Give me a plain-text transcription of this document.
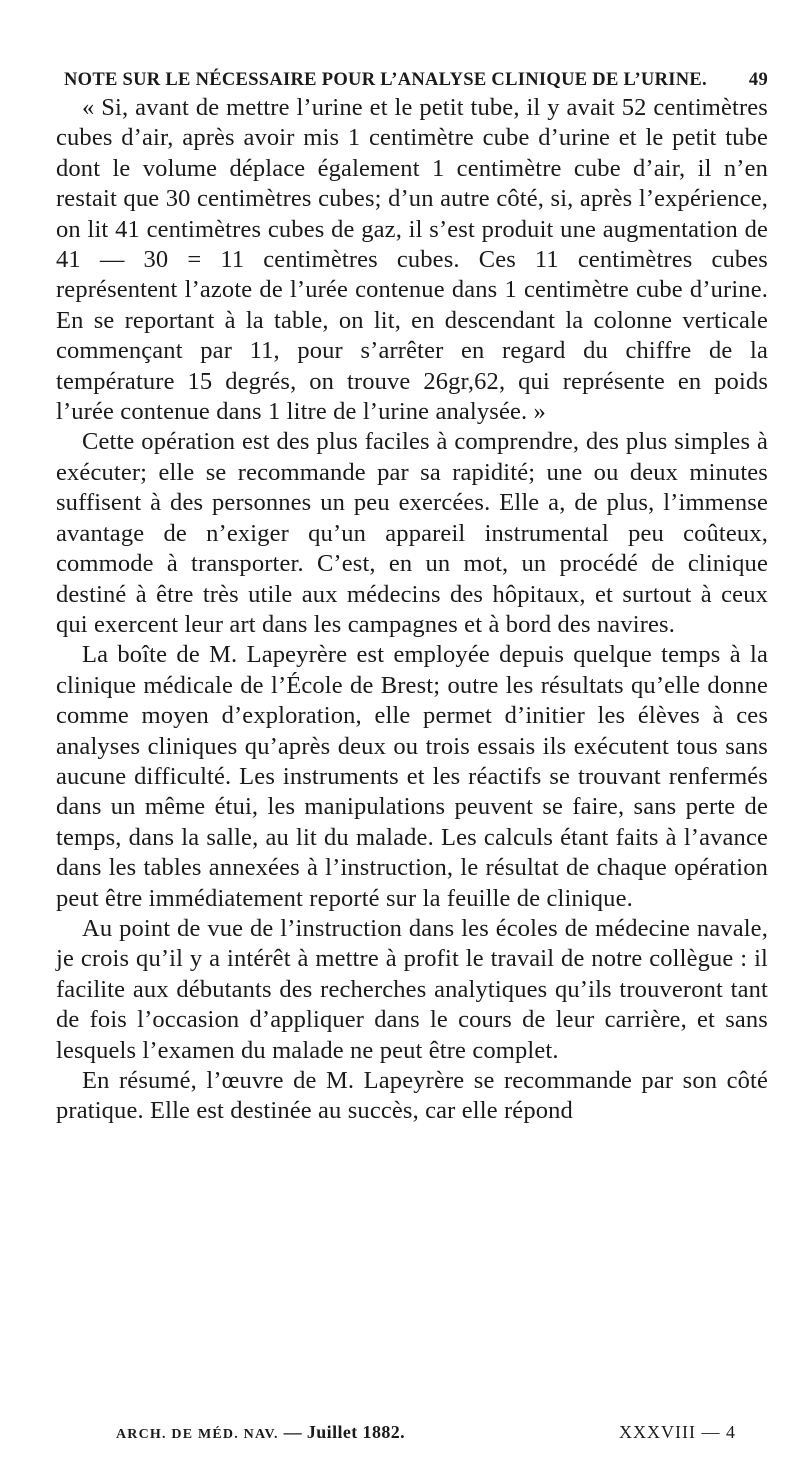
NOTE SUR LE NÉCESSAIRE POUR L’ANALYSE CLINIQUE DE L’URINE.	49

« Si, avant de mettre l’urine et le petit tube, il y avait 52 centimètres cubes d’air, après avoir mis 1 centimètre cube d’urine et le petit tube dont le volume déplace également 1 centimètre cube d’air, il n’en restait que 30 centimètres cubes; d’un autre côté, si, après l’expérience, on lit 41 centimètres cubes de gaz, il s’est produit une augmentation de 41 — 30 = 11 centimètres cubes. Ces 11 centimètres cubes représentent l’azote de l’urée contenue dans 1 centimètre cube d’urine. En se reportant à la table, on lit, en descendant la colonne verticale commençant par 11, pour s’arrêter en regard du chiffre de la température 15 degrés, on trouve 26gr,62, qui représente en poids l’urée contenue dans 1 litre de l’urine analysée. »

Cette opération est des plus faciles à comprendre, des plus simples à exécuter; elle se recommande par sa rapidité; une ou deux minutes suffisent à des personnes un peu exercées. Elle a, de plus, l’immense avantage de n’exiger qu’un appareil instrumental peu coûteux, commode à transporter. C’est, en un mot, un procédé de clinique destiné à être très utile aux médecins des hôpitaux, et surtout à ceux qui exercent leur art dans les campagnes et à bord des navires.

La boîte de M. Lapeyrère est employée depuis quelque temps à la clinique médicale de l’École de Brest; outre les résultats qu’elle donne comme moyen d’exploration, elle permet d’initier les élèves à ces analyses cliniques qu’après deux ou trois essais ils exécutent tous sans aucune difficulté. Les instruments et les réactifs se trouvant renfermés dans un même étui, les manipulations peuvent se faire, sans perte de temps, dans la salle, au lit du malade. Les calculs étant faits à l’avance dans les tables annexées à l’instruction, le résultat de chaque opération peut être immédiatement reporté sur la feuille de clinique.

Au point de vue de l’instruction dans les écoles de médecine navale, je crois qu’il y a intérêt à mettre à profit le travail de notre collègue : il facilite aux débutants des recherches analytiques qu’ils trouveront tant de fois l’occasion d’appliquer dans le cours de leur carrière, et sans lesquels l’examen du malade ne peut être complet.

En résumé, l’œuvre de M. Lapeyrère se recommande par son côté pratique. Elle est destinée au succès, car elle répond

ARCH. DE MÉD. NAV. — Juillet 1882.	XXXVIII — 4
